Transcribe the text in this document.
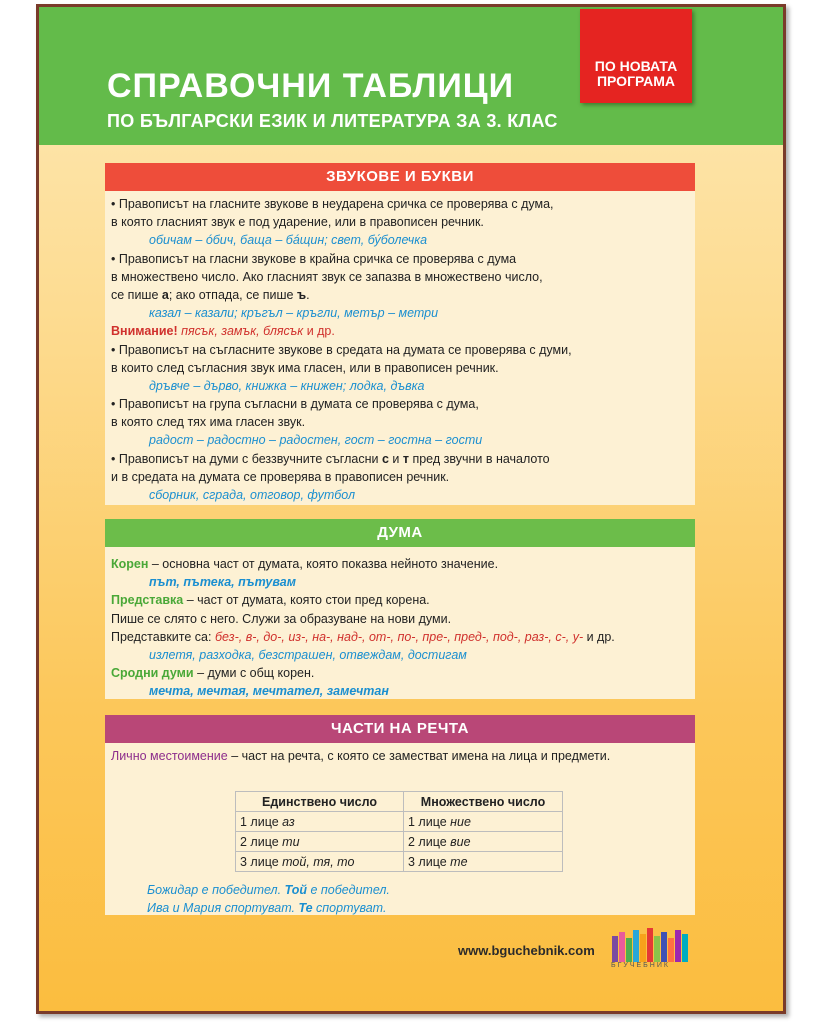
СПРАВОЧНИ ТАБЛИЦИ
ПО БЪЛГАРСКИ ЕЗИК И ЛИТЕРАТУРА ЗА 3. КЛАС
ПО НОВАТА
ПРОГРАМА
ЗВУКОВЕ И БУКВИ
• Правописът на гласните звукове в неударена сричка се проверява с дума,
в която гласният звук е под ударение, или в правописен речник.
обичам – óбич, баща – бáщин; свет, бу́болечка
• Правописът на гласни звукове в крайна сричка се проверява с дума
в множествено число. Ако гласният звук се запазва в множествено число,
се пише а; ако отпада, се пише ъ.
казал – казали; кръгъл – кръгли, метър – метри
Внимание! пясък, замък, блясък и др.
• Правописът на съгласните звукове в средата на думата се проверява с думи,
в които след съгласния звук има гласен, или в правописен речник.
дръвче – дърво, книжка – книжен; лодка, дъвка
• Правописът на група съгласни в думата се проверява с дума,
в която след тях има гласен звук.
радост – радостно – радостен, гост – гостна – гости
• Правописът на думи с беззвучните съгласни с и т пред звучни в началото
и в средата на думата се проверява в правописен речник.
сборник, сграда, отговор, футбол
ДУМА
Корен – основна част от думата, която показва нейното значение.
път, пътека, пътувам
Представка – част от думата, която стои пред корена.
Пише се слято с него. Служи за образуване на нови думи.
Представките са: без-, в-, до-, из-, на-, над-, от-, по-, пре-, пред-, под-, раз-, с-, у- и др.
излетя, разходка, безстрашен, отвеждам, достигам
Сродни думи – думи с общ корен.
мечта, мечтая, мечтател, замечтан
ЧАСТИ НА РЕЧТА
Лично местоимение – част на речта, с която се заместват имена на лица и предмети.
Единствено число	Множествено число
1 лице аз	1 лице ние
2 лице ти	2 лице вие
3 лице той, тя, то	3 лице те
Божидар е победител. Той е победител.
Ива и Мария спортуват. Те спортуват.
www.bguchebnik.com
БГУЧЕБНИК
